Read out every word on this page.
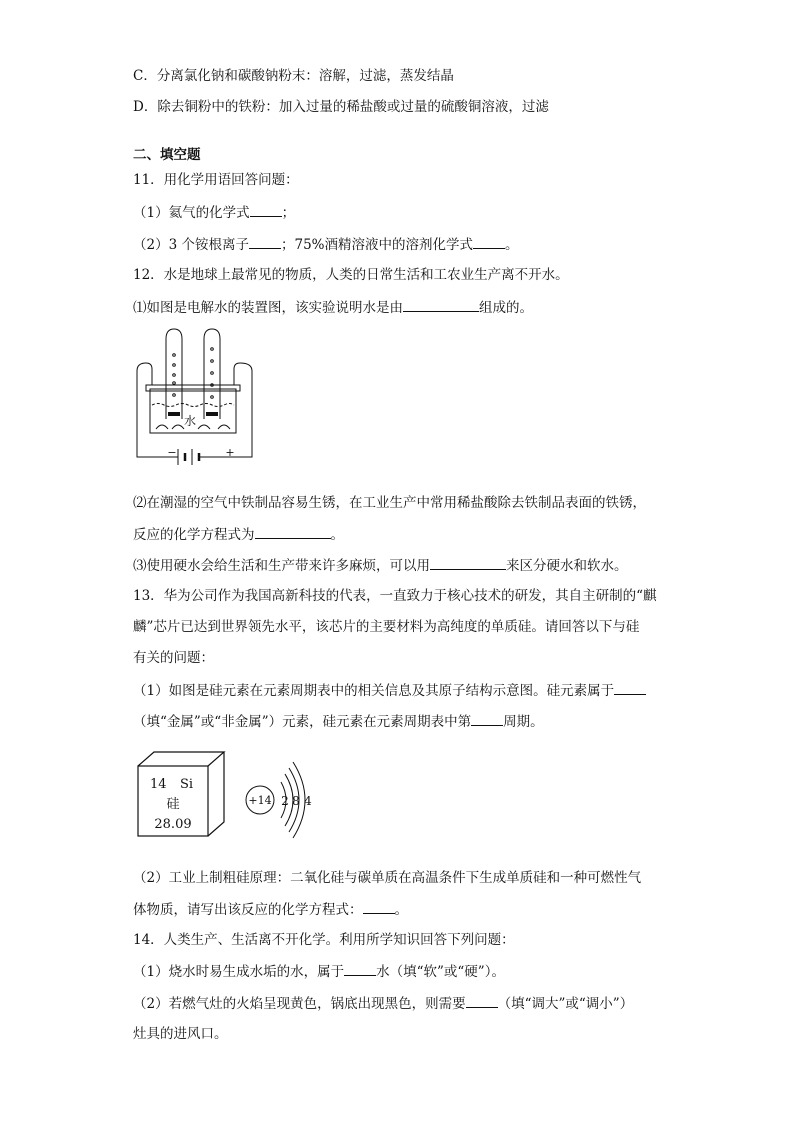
C．分离氯化钠和碳酸钠粉末：溶解，过滤，蒸发结晶
D．除去铜粉中的铁粉：加入过量的稀盐酸或过量的硫酸铜溶液，过滤
二、填空题
11．用化学用语回答问题：
（1）氦气的化学式 ；
（2）3 个铵根离子 ；75%酒精溶液中的溶剂化学式 。
12．水是地球上最常见的物质，人类的日常生活和工农业生产离不开水。
⑴如图是电解水的装置图，该实验说明水是由	组成的。
水
−	+
⑵在潮湿的空气中铁制品容易生锈，在工业生产中常用稀盐酸除去铁制品表面的铁锈，
反应的化学方程式为	。
⑶使用硬水会给生活和生产带来许多麻烦，可以用	来区分硬水和软水。
13．华为公司作为我国高新科技的代表，一直致力于核心技术的研发，其自主研制的“麒
麟”芯片已达到世界领先水平，该芯片的主要材料为高纯度的单质硅。请回答以下与硅
有关的问题：
（1）如图是硅元素在元素周期表中的相关信息及其原子结构示意图。硅元素属于
（填“金属”或“非金属”）元素，硅元素在元素周期表中第 周期。
14 Si
硅
28.09
+14 2 8 4
（2）工业上制粗硅原理：二氧化硅与碳单质在高温条件下生成单质硅和一种可燃性气
体物质，请写出该反应的化学方程式： 。
14．人类生产、生活离不开化学。利用所学知识回答下列问题：
（1）烧水时易生成水垢的水，属于 水（填“软”或“硬”）。
（2）若燃气灶的火焰呈现黄色，锅底出现黑色，则需要 （填“调大”或“调小”）
灶具的进风口。
